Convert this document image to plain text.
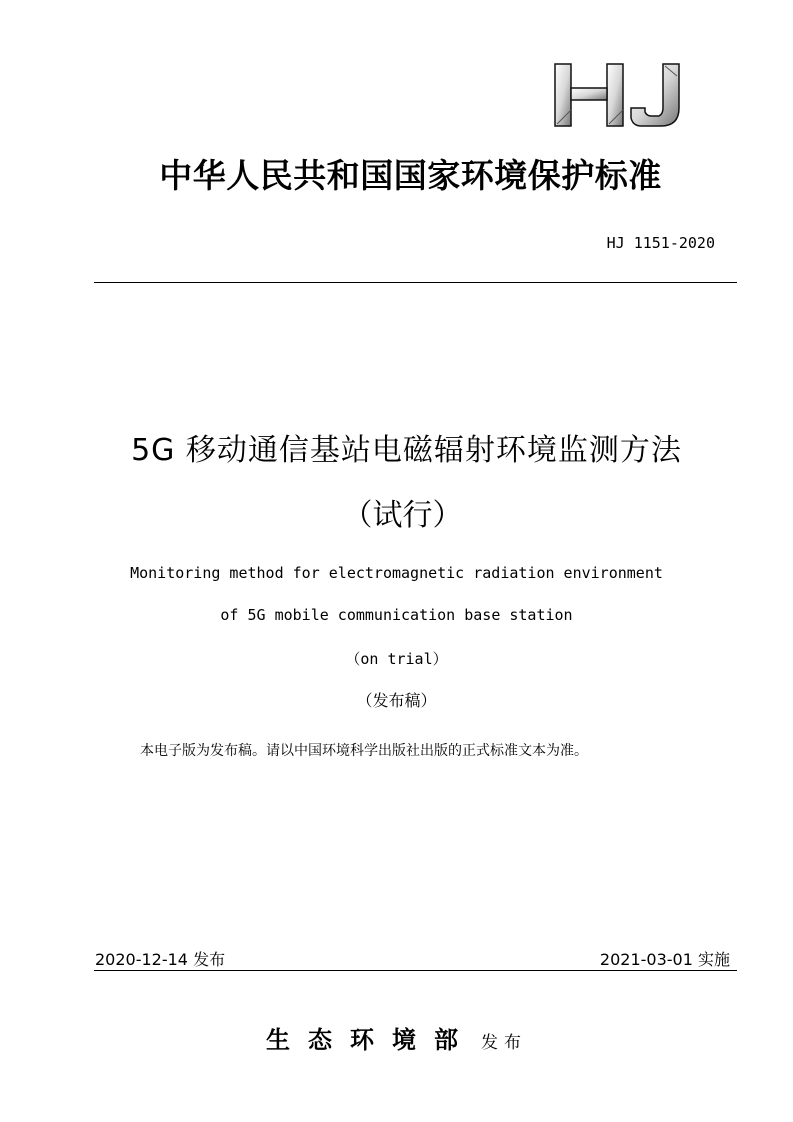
中华人民共和国国家环境保护标准
HJ 1151-2020
5G 移动通信基站电磁辐射环境监测方法
（试行）
Monitoring method for electromagnetic radiation environment
of 5G mobile communication base station
（on trial）
（发布稿）
本电子版为发布稿。请以中国环境科学出版社出版的正式标准文本为准。
2020-12-14 发布	2021-03-01 实施
生态环境部 发布
